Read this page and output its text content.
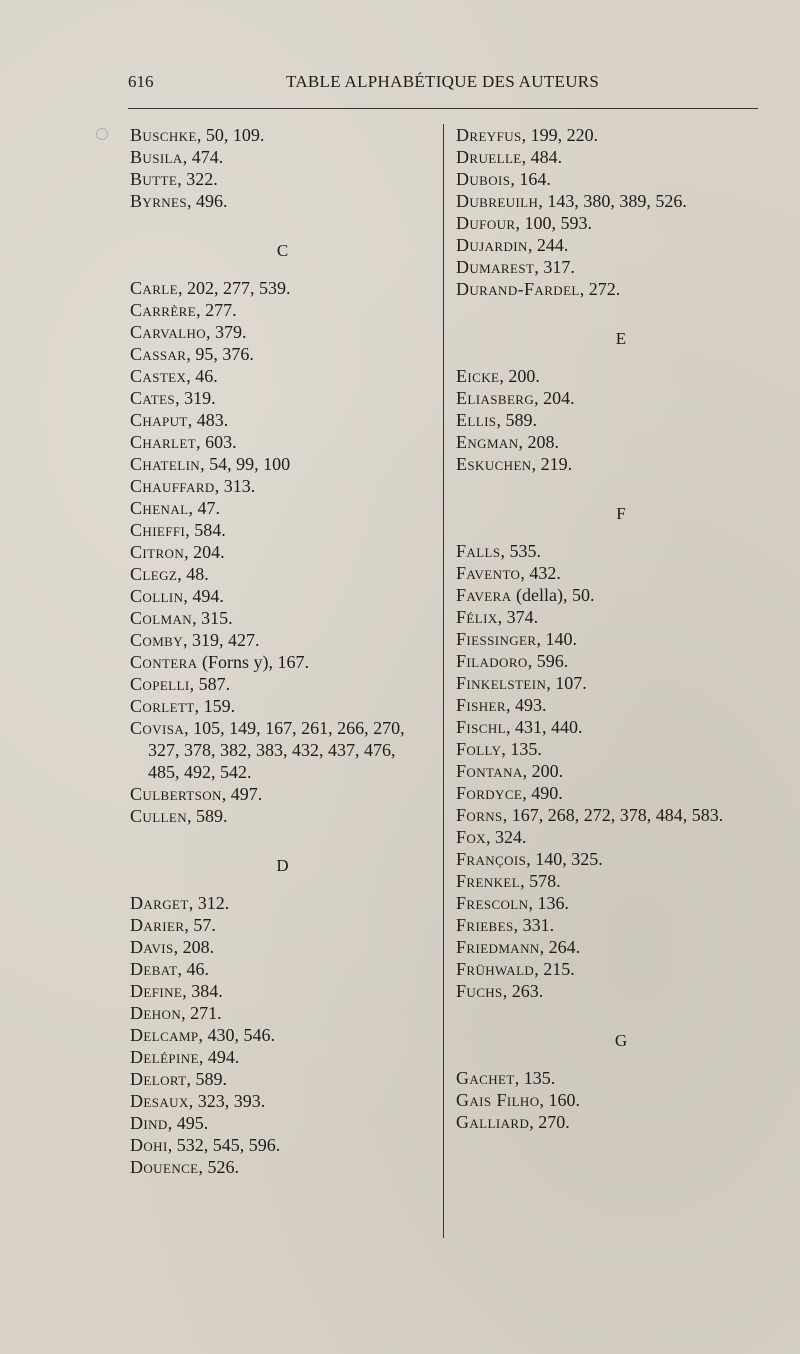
616	TABLE ALPHABÉTIQUE DES AUTEURS
Buschke, 50, 109.
Busila, 474.
Butte, 322.
Byrnes, 496.
C
Carle, 202, 277, 539.
Carrère, 277.
Carvalho, 379.
Cassar, 95, 376.
Castex, 46.
Cates, 319.
Chaput, 483.
Charlet, 603.
Chatelin, 54, 99, 100
Chauffard, 313.
Chenal, 47.
Chieffi, 584.
Citron, 204.
Clegz, 48.
Collin, 494.
Colman, 315.
Comby, 319, 427.
Contera (Forns y), 167.
Copelli, 587.
Corlett, 159.
Covisa, 105, 149, 167, 261, 266, 270,
327, 378, 382, 383, 432, 437, 476,
485, 492, 542.
Culbertson, 497.
Cullen, 589.
D
Darget, 312.
Darier, 57.
Davis, 208.
Debat, 46.
Define, 384.
Dehon, 271.
Delcamp, 430, 546.
Delépine, 494.
Delort, 589.
Desaux, 323, 393.
Dind, 495.
Dohi, 532, 545, 596.
Douence, 526.
Dreyfus, 199, 220.
Druelle, 484.
Dubois, 164.
Dubreuilh, 143, 380, 389, 526.
Dufour, 100, 593.
Dujardin, 244.
Dumarest, 317.
Durand-Fardel, 272.
E
Eicke, 200.
Eliasberg, 204.
Ellis, 589.
Engman, 208.
Eskuchen, 219.
F
Falls, 535.
Favento, 432.
Favera (della), 50.
Félix, 374.
Fiessinger, 140.
Filadoro, 596.
Finkelstein, 107.
Fisher, 493.
Fischl, 431, 440.
Folly, 135.
Fontana, 200.
Fordyce, 490.
Forns, 167, 268, 272, 378, 484, 583.
Fox, 324.
François, 140, 325.
Frenkel, 578.
Frescoln, 136.
Friebes, 331.
Friedmann, 264.
Frühwald, 215.
Fuchs, 263.
G
Gachet, 135.
Gais Filho, 160.
Galliard, 270.
